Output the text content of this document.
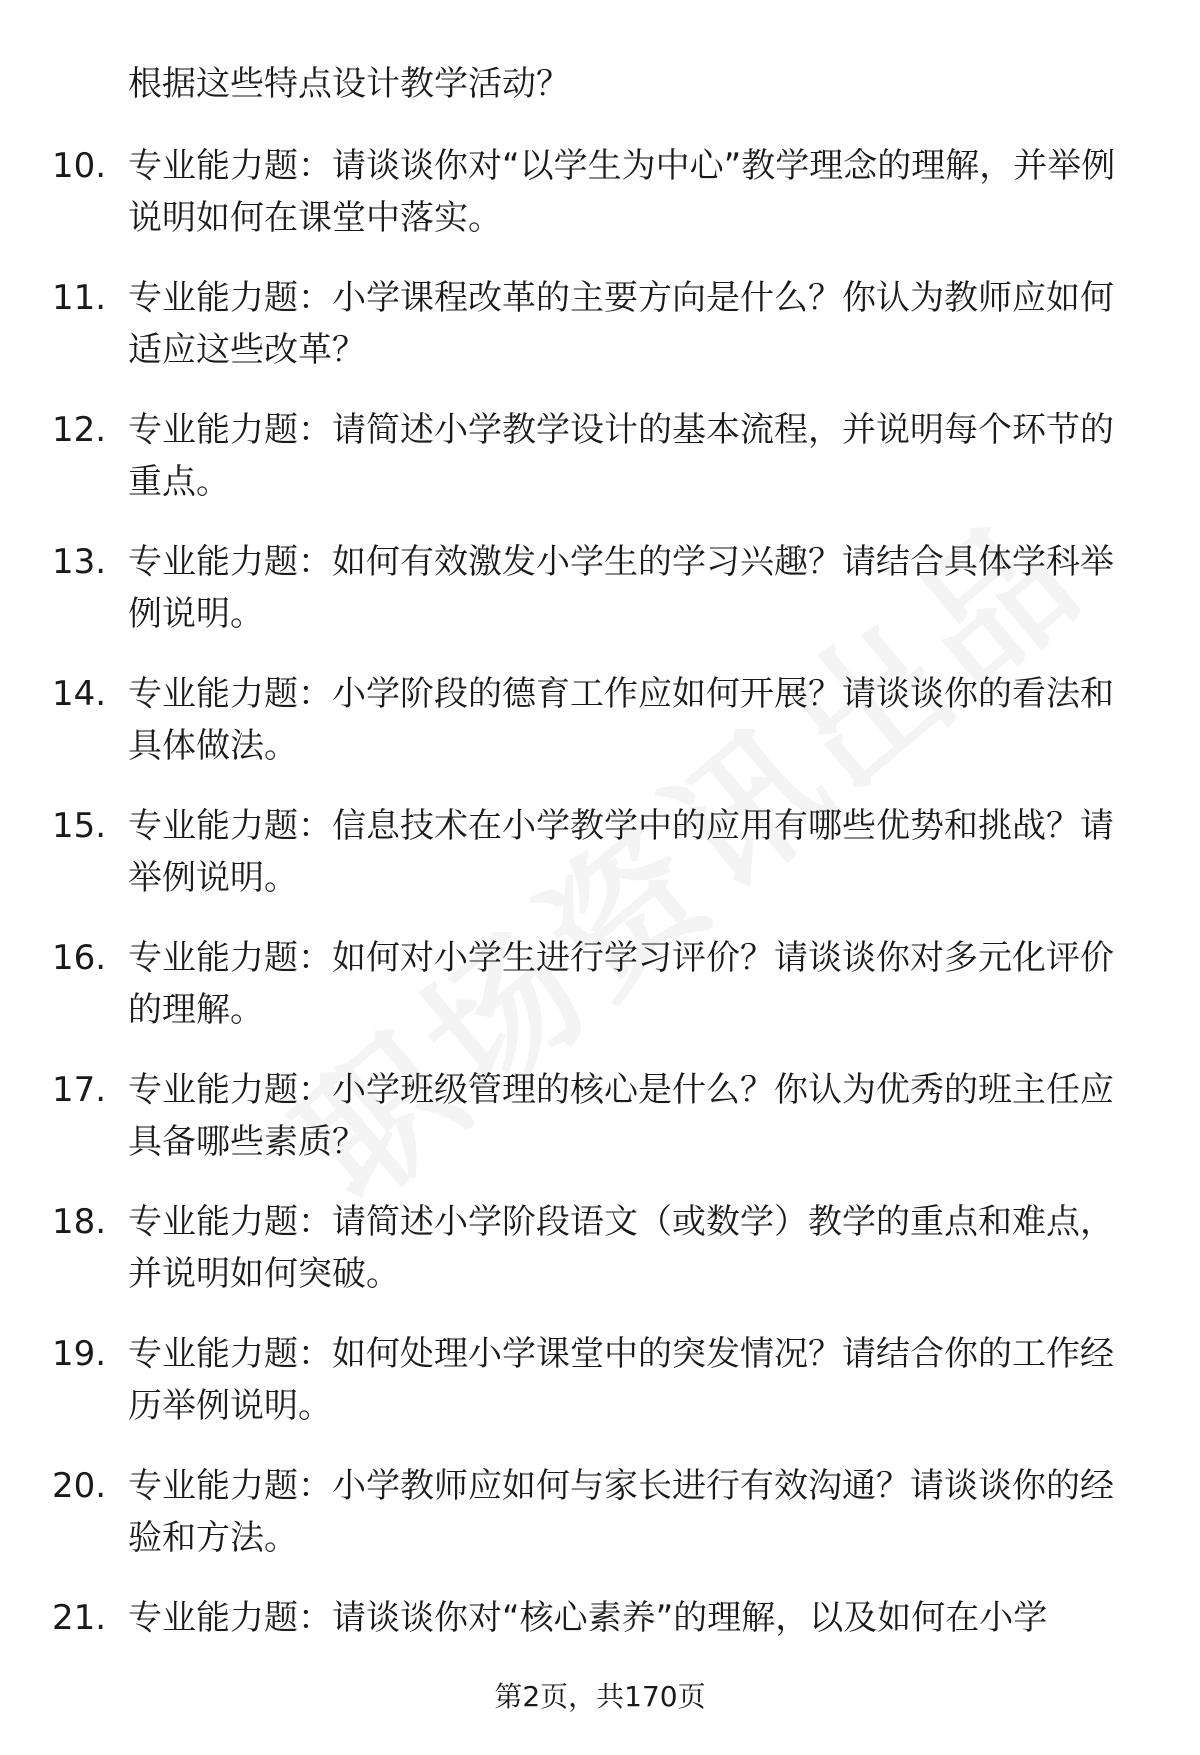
根据这些特点设计教学活动？
10. 专业能力题：请谈谈你对“以学生为中心”教学理念的理解，并举例说明如何在课堂中落实。
11. 专业能力题：小学课程改革的主要方向是什么？你认为教师应如何适应这些改革？
12. 专业能力题：请简述小学教学设计的基本流程，并说明每个环节的重点。
13. 专业能力题：如何有效激发小学生的学习兴趣？请结合具体学科举例说明。
14. 专业能力题：小学阶段的德育工作应如何开展？请谈谈你的看法和具体做法。
15. 专业能力题：信息技术在小学教学中的应用有哪些优势和挑战？请举例说明。
16. 专业能力题：如何对小学生进行学习评价？请谈谈你对多元化评价的理解。
17. 专业能力题：小学班级管理的核心是什么？你认为优秀的班主任应具备哪些素质？
18. 专业能力题：请简述小学阶段语文（或数学）教学的重点和难点，并说明如何突破。
19. 专业能力题：如何处理小学课堂中的突发情况？请结合你的工作经历举例说明。
20. 专业能力题：小学教师应如何与家长进行有效沟通？请谈谈你的经验和方法。
21. 专业能力题：请谈谈你对“核心素养”的理解，以及如何在小学
第2页，共170页
